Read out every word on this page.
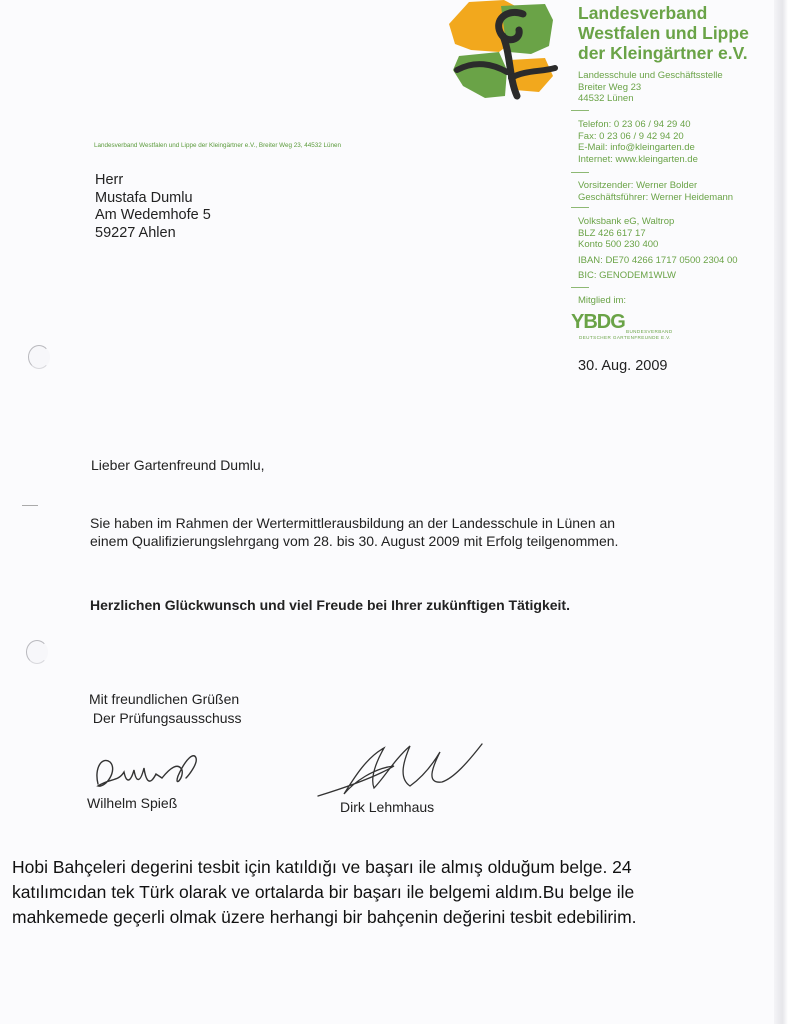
Landesverband
Westfalen und Lippe
der Kleingärtner e.V.
Landesschule und Geschäftsstelle
Breiter Weg 23
44532 Lünen
Telefon: 0 23 06 / 94 29 40
Fax: 0 23 06 / 9 42 94 20
E-Mail: info@kleingarten.de
Internet: www.kleingarten.de
Vorsitzender: Werner Bolder
Geschäftsführer: Werner Heidemann
Volksbank eG, Waltrop
BLZ 426 617 17
Konto 500 230 400
IBAN: DE70 4266 1717 0500 2304 00
BIC: GENODEM1WLW
Mitglied im:
YBDG BUNDESVERBAND
DEUTSCHER GARTENFREUNDE E.V.
Landesverband Westfalen und Lippe der Kleingärtner e.V., Breiter Weg 23, 44532 Lünen
Herr
Mustafa Dumlu
Am Wedemhofe 5
59227 Ahlen
30. Aug. 2009
Lieber Gartenfreund Dumlu,
Sie haben im Rahmen der Wertermittlerausbildung an der Landesschule in Lünen an
einem Qualifizierungslehrgang vom 28. bis 30. August 2009 mit Erfolg teilgenommen.
Herzlichen Glückwunsch und viel Freude bei Ihrer zukünftigen Tätigkeit.
Mit freundlichen Grüßen
Der Prüfungsausschuss
Wilhelm Spieß	Dirk Lehmhaus
Hobi Bahçeleri degerini tesbit için katıldığı ve başarı ile almış olduğum belge. 24
katılımcıdan tek Türk olarak ve ortalarda bir başarı ile belgemi aldım.Bu belge ile
mahkemede geçerli olmak üzere herhangi bir bahçenin değerini tesbit edebilirim.
